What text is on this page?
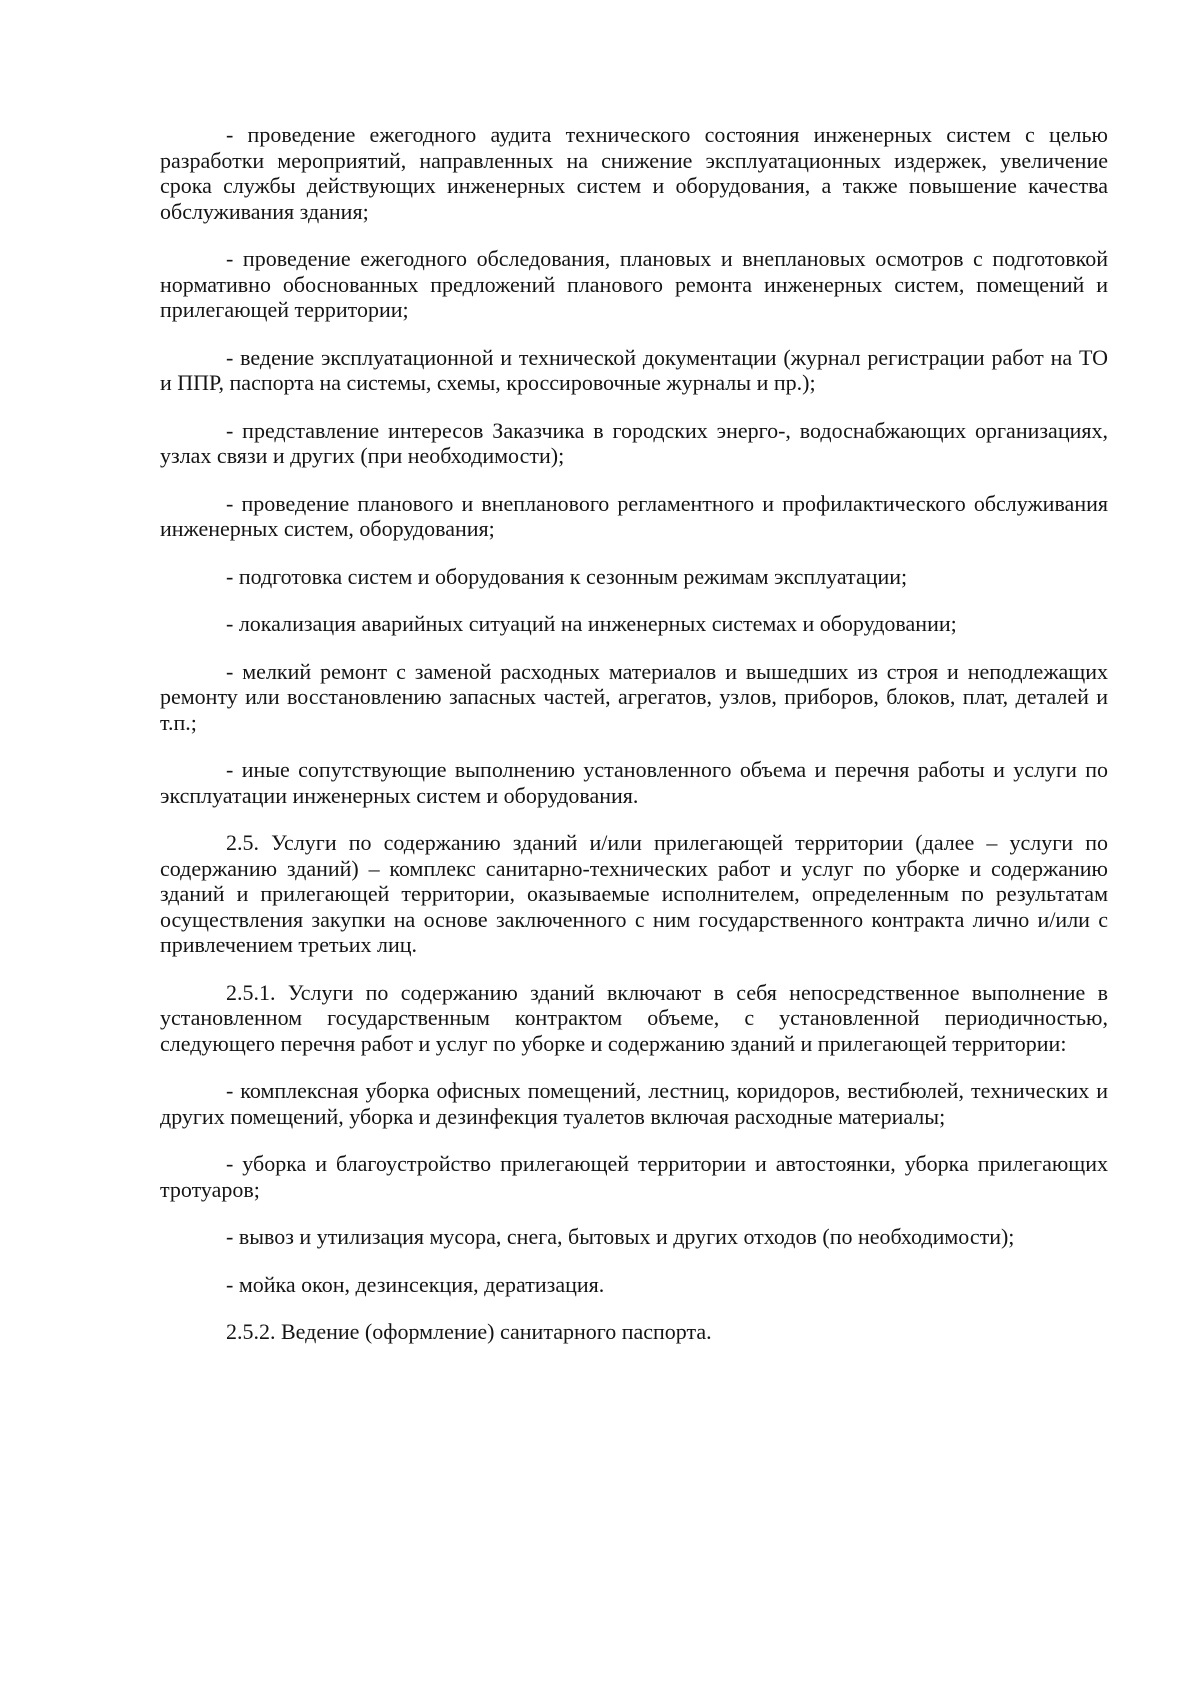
- проведение ежегодного аудита технического состояния инженерных систем с целью разработки мероприятий, направленных на снижение эксплуатационных издержек, увеличение срока службы действующих инженерных систем и оборудования, а также повышение качества обслуживания здания;

- проведение ежегодного обследования, плановых и внеплановых осмотров с подготовкой нормативно обоснованных предложений планового ремонта инженерных систем, помещений и прилегающей территории;

- ведение эксплуатационной и технической документации (журнал регистрации работ на ТО и ППР, паспорта на системы, схемы, кроссировочные журналы и пр.);

- представление интересов Заказчика в городских энерго-, водоснабжающих организациях, узлах связи и других (при необходимости);

- проведение планового и внепланового регламентного и профилактического обслуживания инженерных систем, оборудования;

- подготовка систем и оборудования к сезонным режимам эксплуатации;

- локализация аварийных ситуаций на инженерных системах и оборудовании;

- мелкий ремонт с заменой расходных материалов и вышедших из строя и неподлежащих ремонту или восстановлению запасных частей, агрегатов, узлов, приборов, блоков, плат, деталей и т.п.;

- иные сопутствующие выполнению установленного объема и перечня работы и услуги по эксплуатации инженерных систем и оборудования.

2.5. Услуги по содержанию зданий и/или прилегающей территории (далее – услуги по содержанию зданий) – комплекс санитарно-технических работ и услуг по уборке и содержанию зданий и прилегающей территории, оказываемые исполнителем, определенным по результатам осуществления закупки на основе заключенного с ним государственного контракта лично и/или с привлечением третьих лиц.

2.5.1. Услуги по содержанию зданий включают в себя непосредственное выполнение в установленном государственным контрактом объеме, с установленной периодичностью, следующего перечня работ и услуг по уборке и содержанию зданий и прилегающей территории:

- комплексная уборка офисных помещений, лестниц, коридоров, вестибюлей, технических и других помещений, уборка и дезинфекция туалетов включая расходные материалы;

- уборка и благоустройство прилегающей территории и автостоянки, уборка прилегающих тротуаров;

- вывоз и утилизация мусора, снега, бытовых и других отходов (по необходимости);

- мойка окон, дезинсекция, дератизация.

2.5.2. Ведение (оформление) санитарного паспорта.
